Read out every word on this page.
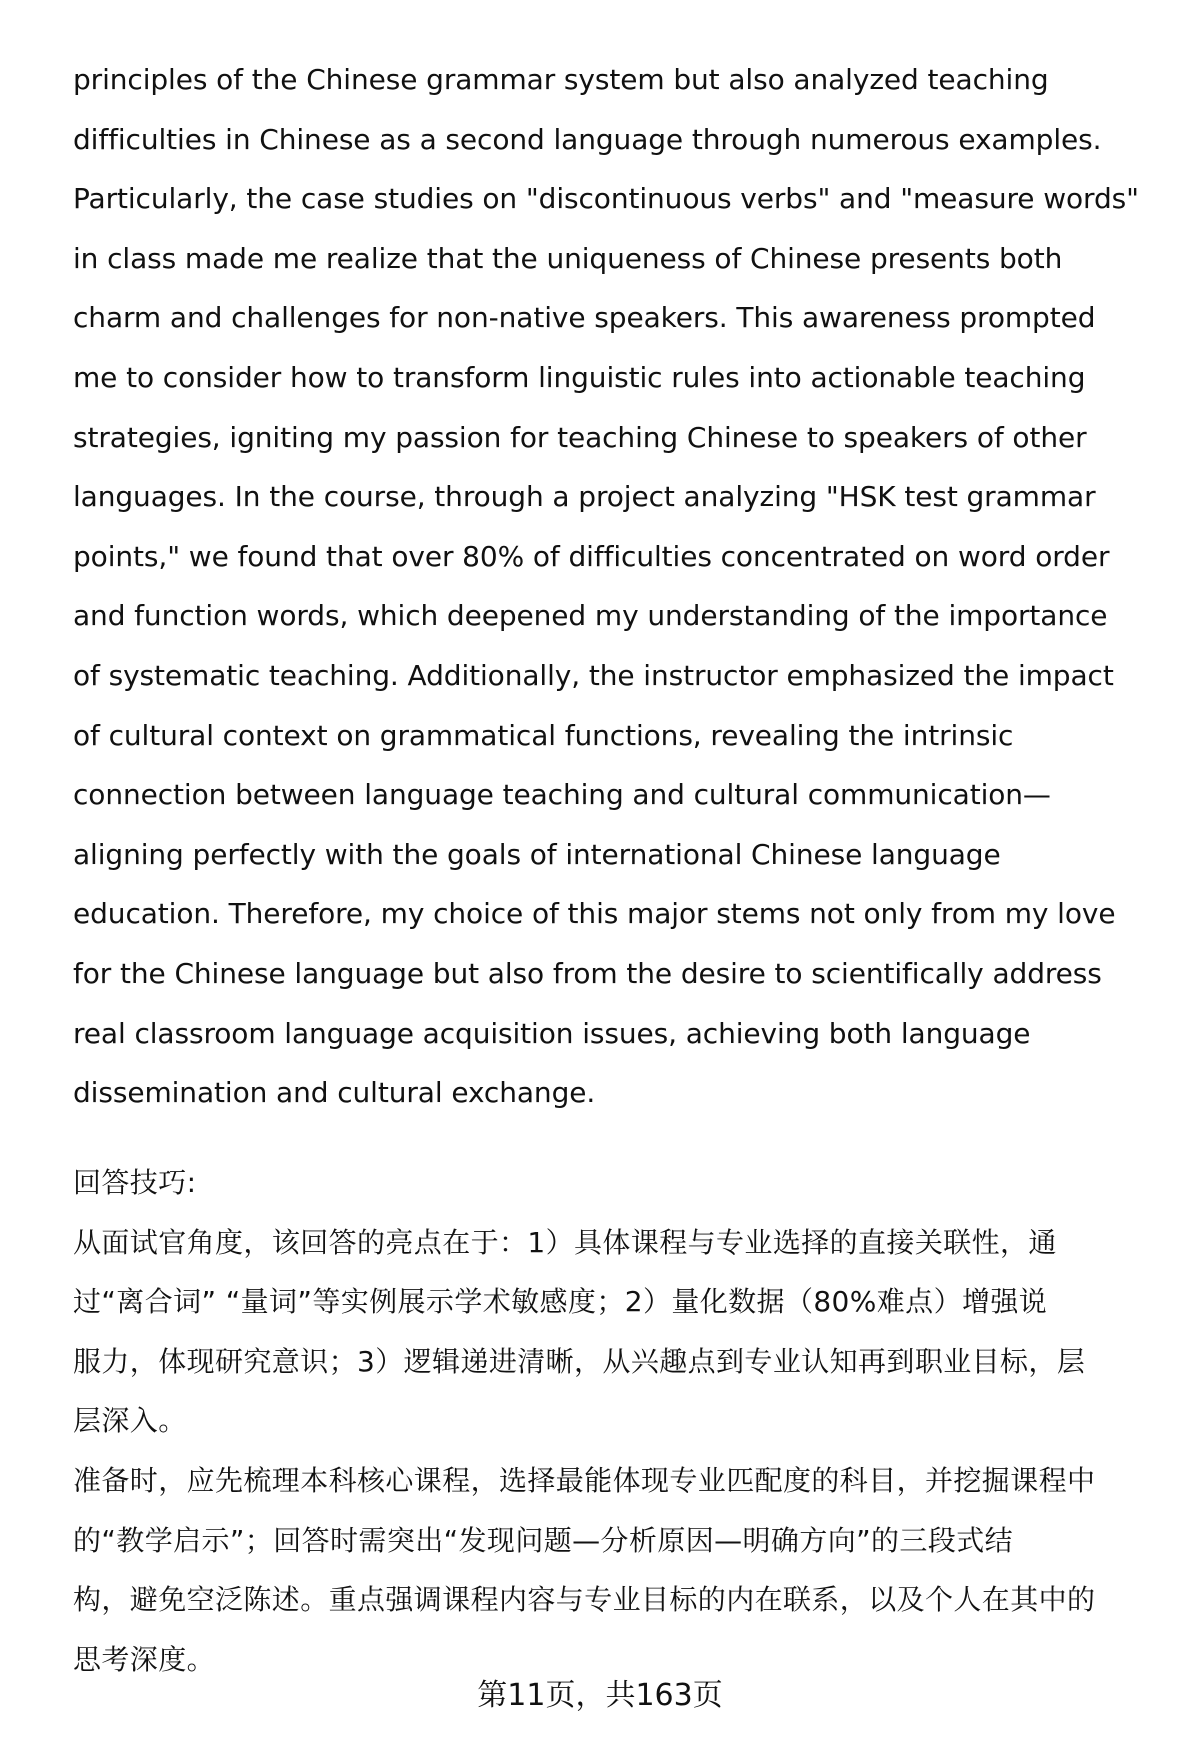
principles of the Chinese grammar system but also analyzed teaching
difficulties in Chinese as a second language through numerous examples.
Particularly, the case studies on "discontinuous verbs" and "measure words"
in class made me realize that the uniqueness of Chinese presents both
charm and challenges for non-native speakers. This awareness prompted
me to consider how to transform linguistic rules into actionable teaching
strategies, igniting my passion for teaching Chinese to speakers of other
languages. In the course, through a project analyzing "HSK test grammar
points," we found that over 80% of difficulties concentrated on word order
and function words, which deepened my understanding of the importance
of systematic teaching. Additionally, the instructor emphasized the impact
of cultural context on grammatical functions, revealing the intrinsic
connection between language teaching and cultural communication—
aligning perfectly with the goals of international Chinese language
education. Therefore, my choice of this major stems not only from my love
for the Chinese language but also from the desire to scientifically address
real classroom language acquisition issues, achieving both language
dissemination and cultural exchange.
回答技巧:
从面试官角度，该回答的亮点在于：1）具体课程与专业选择的直接关联性，通
过“离合词” “量词”等实例展示学术敏感度；2）量化数据（80%难点）增强说
服力，体现研究意识；3）逻辑递进清晰，从兴趣点到专业认知再到职业目标，层
层深入。
准备时，应先梳理本科核心课程，选择最能体现专业匹配度的科目，并挖掘课程中
的“教学启示”；回答时需突出“发现问题—分析原因—明确方向”的三段式结
构，避免空泛陈述。重点强调课程内容与专业目标的内在联系，以及个人在其中的
思考深度。
第11页，共163页
